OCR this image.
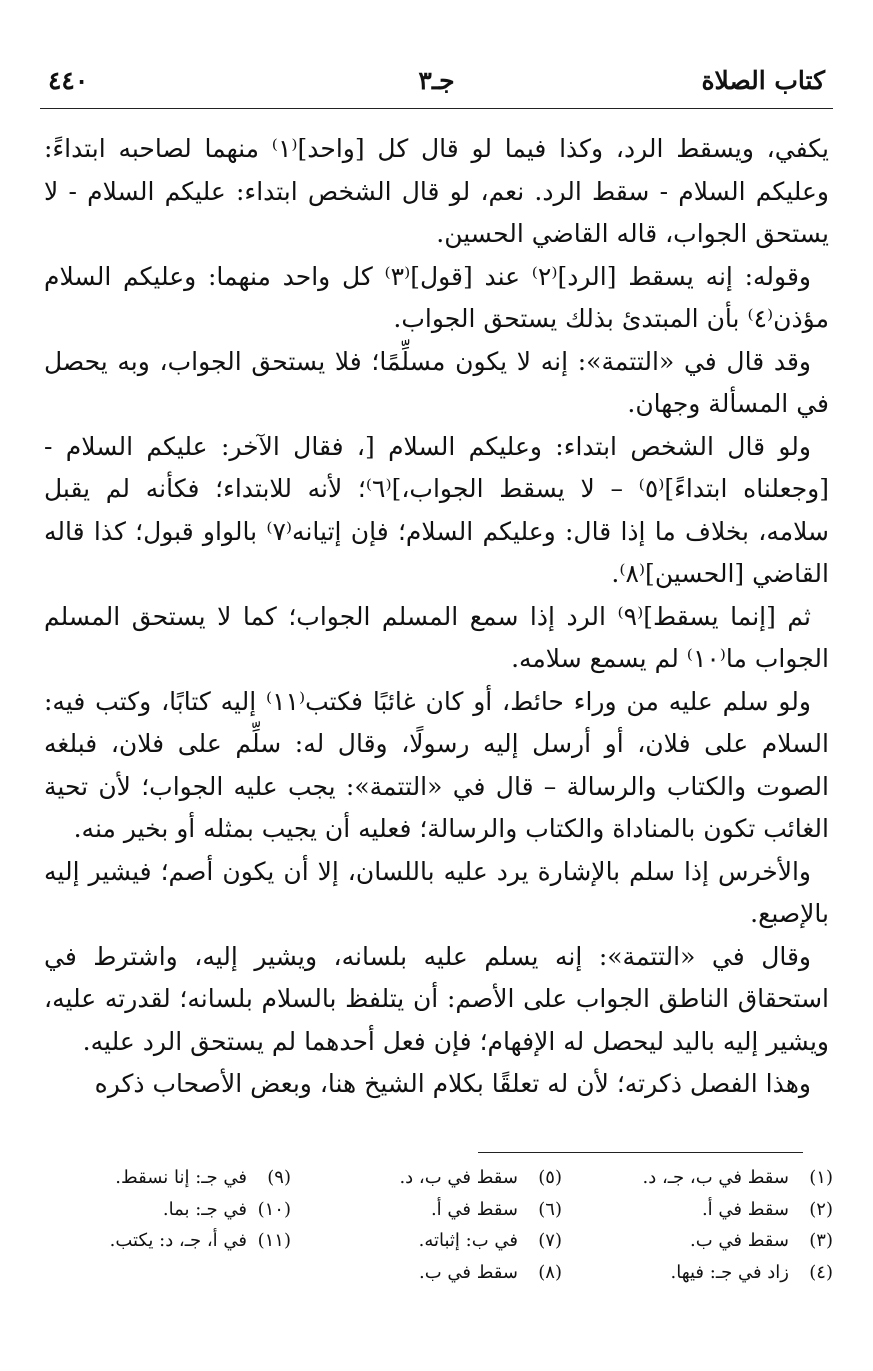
٤٤٠	جـ٣	كتاب الصلاة

يكفي، ويسقط الرد، وكذا فيما لو قال كل [واحد]⁽١⁾ منهما لصاحبه ابتداءً: وعليكم السلام - سقط الرد. نعم، لو قال الشخص ابتداء: عليكم السلام - لا يستحق الجواب، قاله القاضي الحسين.

وقوله: إنه يسقط [الرد]⁽٢⁾ عند [قول]⁽٣⁾ كل واحد منهما: وعليكم السلام مؤذن⁽٤⁾ بأن المبتدئ بذلك يستحق الجواب.

وقد قال في «التتمة»: إنه لا يكون مسلِّمًا؛ فلا يستحق الجواب، وبه يحصل في المسألة وجهان.

ولو قال الشخص ابتداء: وعليكم السلام [، فقال الآخر: عليكم السلام - [وجعلناه ابتداءً]⁽٥⁾ – لا يسقط الجواب،]⁽٦⁾؛ لأنه للابتداء؛ فكأنه لم يقبل سلامه، بخلاف ما إذا قال: وعليكم السلام؛ فإن إتيانه⁽٧⁾ بالواو قبول؛ كذا قاله القاضي [الحسين]⁽٨⁾.

ثم [إنما يسقط]⁽٩⁾ الرد إذا سمع المسلم الجواب؛ كما لا يستحق المسلم الجواب ما⁽١٠⁾ لم يسمع سلامه.

ولو سلم عليه من وراء حائط، أو كان غائبًا فكتب⁽١١⁾ إليه كتابًا، وكتب فيه: السلام على فلان، أو أرسل إليه رسولًا، وقال له: سلِّم على فلان، فبلغه الصوت والكتاب والرسالة – قال في «التتمة»: يجب عليه الجواب؛ لأن تحية الغائب تكون بالمناداة والكتاب والرسالة؛ فعليه أن يجيب بمثله أو بخير منه.

والأخرس إذا سلم بالإشارة يرد عليه باللسان، إلا أن يكون أصم؛ فيشير إليه بالإصبع.

وقال في «التتمة»: إنه يسلم عليه بلسانه، ويشير إليه، واشترط في استحقاق الناطق الجواب على الأصم: أن يتلفظ بالسلام بلسانه؛ لقدرته عليه، ويشير إليه باليد ليحصل له الإفهام؛ فإن فعل أحدهما لم يستحق الرد عليه.

وهذا الفصل ذكرته؛ لأن له تعلقًا بكلام الشيخ هنا، وبعض الأصحاب ذكره

(١)سقط في ب، جـ، د.
(٢)سقط في أ.
(٣)سقط في ب.
(٤)زاد في جـ: فيها.
(٥)سقط في ب، د.
(٦)سقط في أ.
(٧)في ب: إثباته.
(٨)سقط في ب.
(٩)في جـ: إنا نسقط.
(١٠)في جـ: بما.
(١١)في أ، جـ، د: يكتب.
